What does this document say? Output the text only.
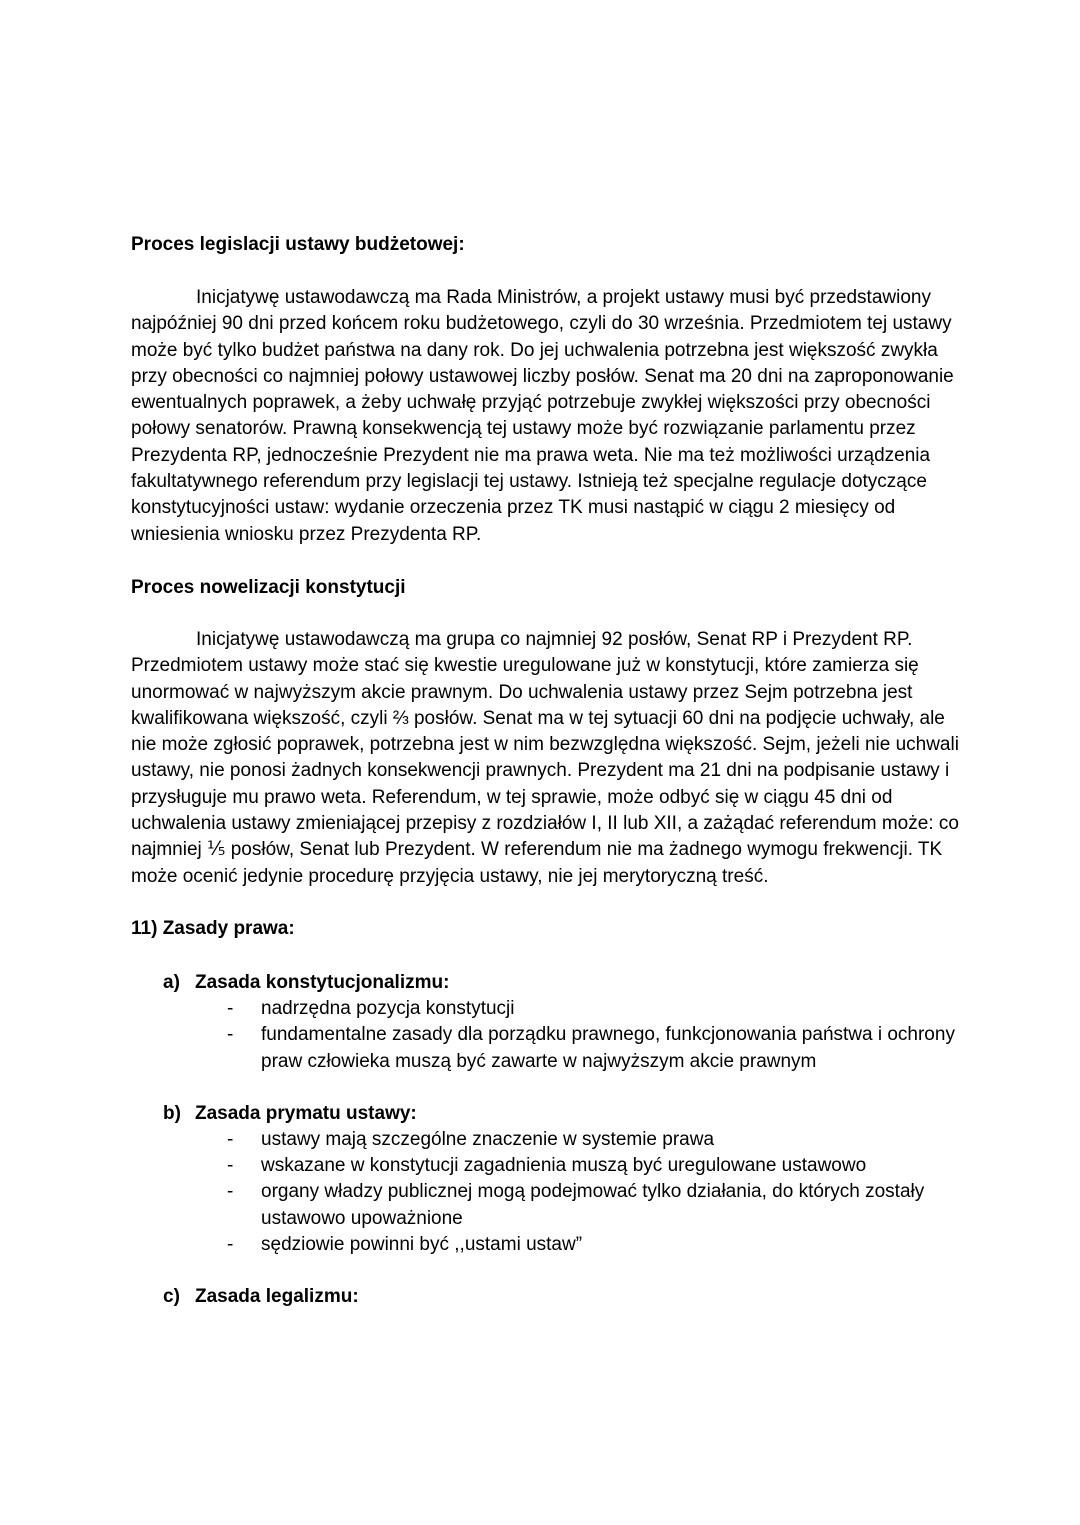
Proces legislacji ustawy budżetowej:

Inicjatywę ustawodawczą ma Rada Ministrów, a projekt ustawy musi być przedstawiony najpóźniej 90 dni przed końcem roku budżetowego, czyli do 30 września. Przedmiotem tej ustawy może być tylko budżet państwa na dany rok. Do jej uchwalenia potrzebna jest większość zwykła przy obecności co najmniej połowy ustawowej liczby posłów. Senat ma 20 dni na zaproponowanie ewentualnych poprawek, a żeby uchwałę przyjąć potrzebuje zwykłej większości przy obecności połowy senatorów. Prawną konsekwencją tej ustawy może być rozwiązanie parlamentu przez Prezydenta RP, jednocześnie Prezydent nie ma prawa weta. Nie ma też możliwości urządzenia fakultatywnego referendum przy legislacji tej ustawy. Istnieją też specjalne regulacje dotyczące konstytucyjności ustaw: wydanie orzeczenia przez TK musi nastąpić w ciągu 2 miesięcy od wniesienia wniosku przez Prezydenta RP.

Proces nowelizacji konstytucji

Inicjatywę ustawodawczą ma grupa co najmniej 92 posłów, Senat RP i Prezydent RP. Przedmiotem ustawy może stać się kwestie uregulowane już w konstytucji, które zamierza się unormować w najwyższym akcie prawnym. Do uchwalenia ustawy przez Sejm potrzebna jest kwalifikowana większość, czyli ⅔ posłów. Senat ma w tej sytuacji 60 dni na podjęcie uchwały, ale nie może zgłosić poprawek, potrzebna jest w nim bezwzględna większość. Sejm, jeżeli nie uchwali ustawy, nie ponosi żadnych konsekwencji prawnych. Prezydent ma 21 dni na podpisanie ustawy i przysługuje mu prawo weta. Referendum, w tej sprawie, może odbyć się w ciągu 45 dni od uchwalenia ustawy zmieniającej przepisy z rozdziałów I, II lub XII, a zażądać referendum może: co najmniej ⅕ posłów, Senat lub Prezydent. W referendum nie ma żadnego wymogu frekwencji. TK może ocenić jedynie procedurę przyjęcia ustawy, nie jej merytoryczną treść.

11) Zasady prawa:
a) Zasada konstytucjonalizmu:
- nadrzędna pozycja konstytucji
- fundamentalne zasady dla porządku prawnego, funkcjonowania państwa i ochrony praw człowieka muszą być zawarte w najwyższym akcie prawnym
b) Zasada prymatu ustawy:
- ustawy mają szczególne znaczenie w systemie prawa
- wskazane w konstytucji zagadnienia muszą być uregulowane ustawowo
- organy władzy publicznej mogą podejmować tylko działania, do których zostały ustawowo upoważnione
- sędziowie powinni być ,,ustami ustaw”
c) Zasada legalizmu:
